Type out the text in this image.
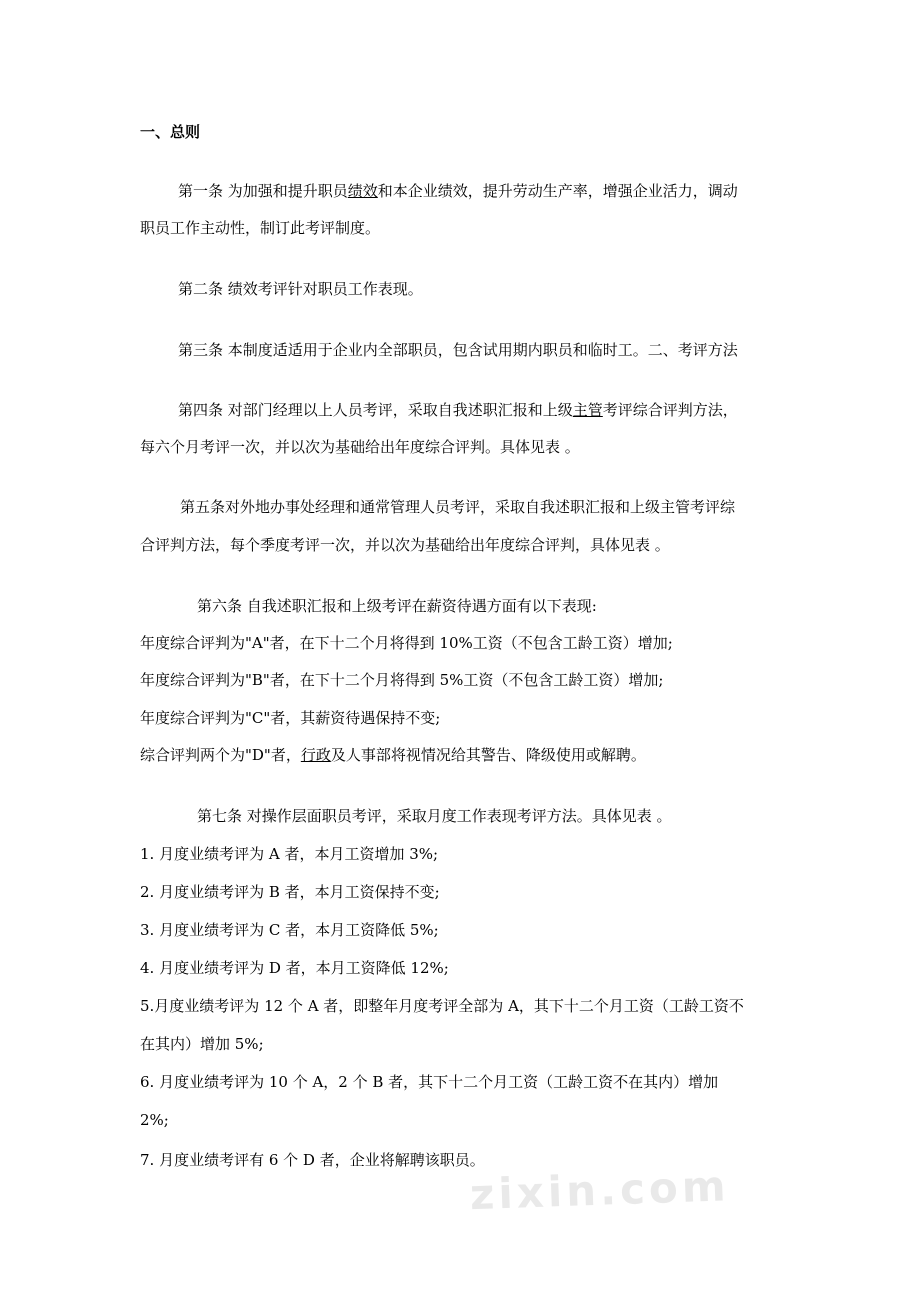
一、总则
第一条 为加强和提升职员绩效和本企业绩效，提升劳动生产率，增强企业活力，调动
职员工作主动性，制订此考评制度。
第二条 绩效考评针对职员工作表现。
第三条 本制度适适用于企业内全部职员，包含试用期内职员和临时工。二、考评方法
第四条 对部门经理以上人员考评，采取自我述职汇报和上级主管考评综合评判方法，
每六个月考评一次，并以次为基础给出年度综合评判。具体见表 。
第五条对外地办事处经理和通常管理人员考评，采取自我述职汇报和上级主管考评综
合评判方法，每个季度考评一次，并以次为基础给出年度综合评判，具体见表 。
第六条 自我述职汇报和上级考评在薪资待遇方面有以下表现:
年度综合评判为"A"者，在下十二个月将得到 10%工资（不包含工龄工资）增加;
年度综合评判为"B"者，在下十二个月将得到 5%工资（不包含工龄工资）增加;
年度综合评判为"C"者，其薪资待遇保持不变;
综合评判两个为"D"者，行政及人事部将视情况给其警告、降级使用或解聘。
第七条 对操作层面职员考评，采取月度工作表现考评方法。具体见表 。
1. 月度业绩考评为 A 者，本月工资增加 3%;
2. 月度业绩考评为 B 者，本月工资保持不变;
3. 月度业绩考评为 C 者，本月工资降低 5%;
4. 月度业绩考评为 D 者，本月工资降低 12%;
5.月度业绩考评为 12 个 A 者，即整年月度考评全部为 A，其下十二个月工资（工龄工资不
在其内）增加 5%;
6. 月度业绩考评为 10 个 A，2 个 B 者，其下十二个月工资（工龄工资不在其内）增加
2%;
7. 月度业绩考评有 6 个 D 者，企业将解聘该职员。
zixin.com
